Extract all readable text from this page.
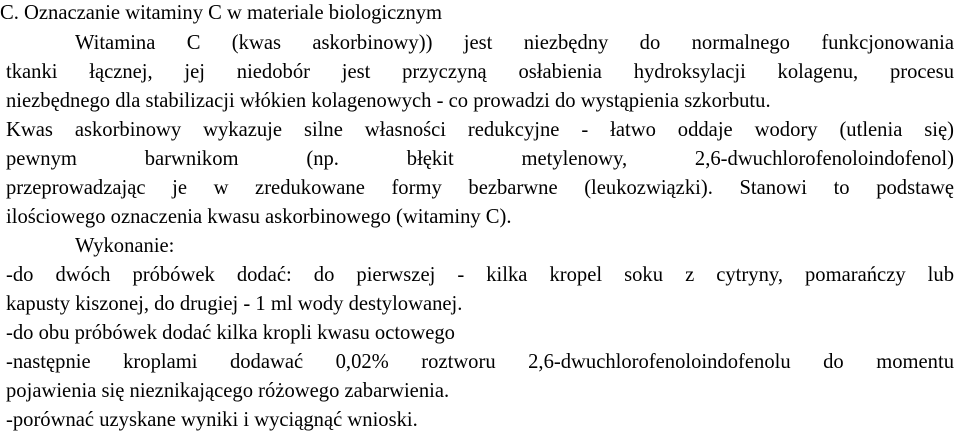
C. Oznaczanie witaminy C w materiale biologicznym
Witamina C (kwas askorbinowy)) jest niezbędny do normalnego funkcjonowania
tkanki łącznej, jej niedobór jest przyczyną osłabienia hydroksylacji kolagenu, procesu
niezbędnego dla stabilizacji włókien kolagenowych - co prowadzi do wystąpienia szkorbutu.
Kwas askorbinowy wykazuje silne własności redukcyjne - łatwo oddaje wodory (utlenia się)
pewnym barwnikom (np. błękit metylenowy, 2,6-dwuchlorofenoloindofenol)
przeprowadzając je w zredukowane formy bezbarwne (leukozwiązki). Stanowi to podstawę
ilościowego oznaczenia kwasu askorbinowego (witaminy C).
Wykonanie:
-do dwóch próbówek dodać: do pierwszej - kilka kropel soku z cytryny, pomarańczy lub
kapusty kiszonej, do drugiej - 1 ml wody destylowanej.
-do obu próbówek dodać kilka kropli kwasu octowego
-następnie kroplami dodawać 0,02% roztworu 2,6-dwuchlorofenoloindofenolu do momentu
pojawienia się nieznikającego różowego zabarwienia.
-porównać uzyskane wyniki i wyciągnąć wnioski.
